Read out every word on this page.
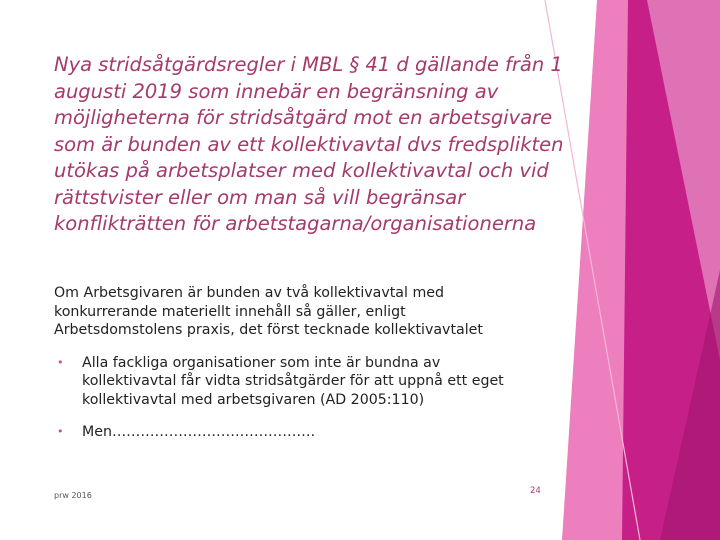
Nya stridsåtgärdsregler i MBL § 41 d gällande från 1 augusti 2019 som innebär en begränsning av möjligheterna för stridsåtgärd mot en arbetsgivare som är bunden av ett kollektivavtal dvs fredsplikten utökas på arbetsplatser med kollektivavtal och vid rättstvister eller om man så vill begränsar konflikträtten för arbetstagarna/organisationerna

Om Arbetsgivaren är bunden av två kollektivavtal med konkurrerande materiellt innehåll så gäller, enligt Arbetsdomstolens praxis, det först tecknade kollektivavtalet

• Alla fackliga organisationer som inte är bundna av kollektivavtal får vidta stridsåtgärder för att uppnå ett eget kollektivavtal med arbetsgivaren (AD 2005:110)
• Men…………………………………….
prw 2016	24
